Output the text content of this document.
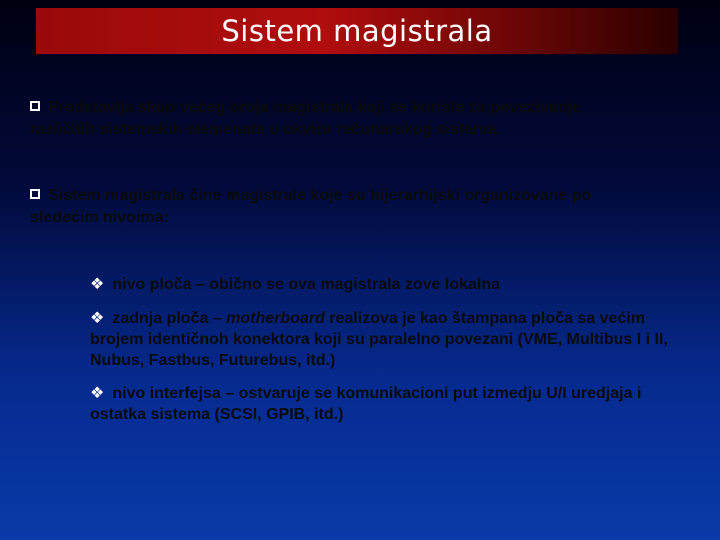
Sistem magistrala
Predstavlja skup većeg broja magistrala koji se koriste za povezivanje
različitih sistemskih elemenata u okviru računarskog sistema.
Sistem magistrala čine magistrale koje su hijerarhijski organizovane po
sledećim nivoima:
❖ nivo ploča – obično se ova magistrala zove lokalna
❖ zadnja ploča – motherboard realizova je kao štampana ploča sa većim brojem identičnoh konektora koji su paralelno povezani (VME, Multibus I i II, Nubus, Fastbus, Futurebus, itd.)
❖ nivo interfejsa – ostvaruje se komunikacioni put izmedju U/I uredjaja i ostatka sistema (SCSI, GPIB, itd.)
